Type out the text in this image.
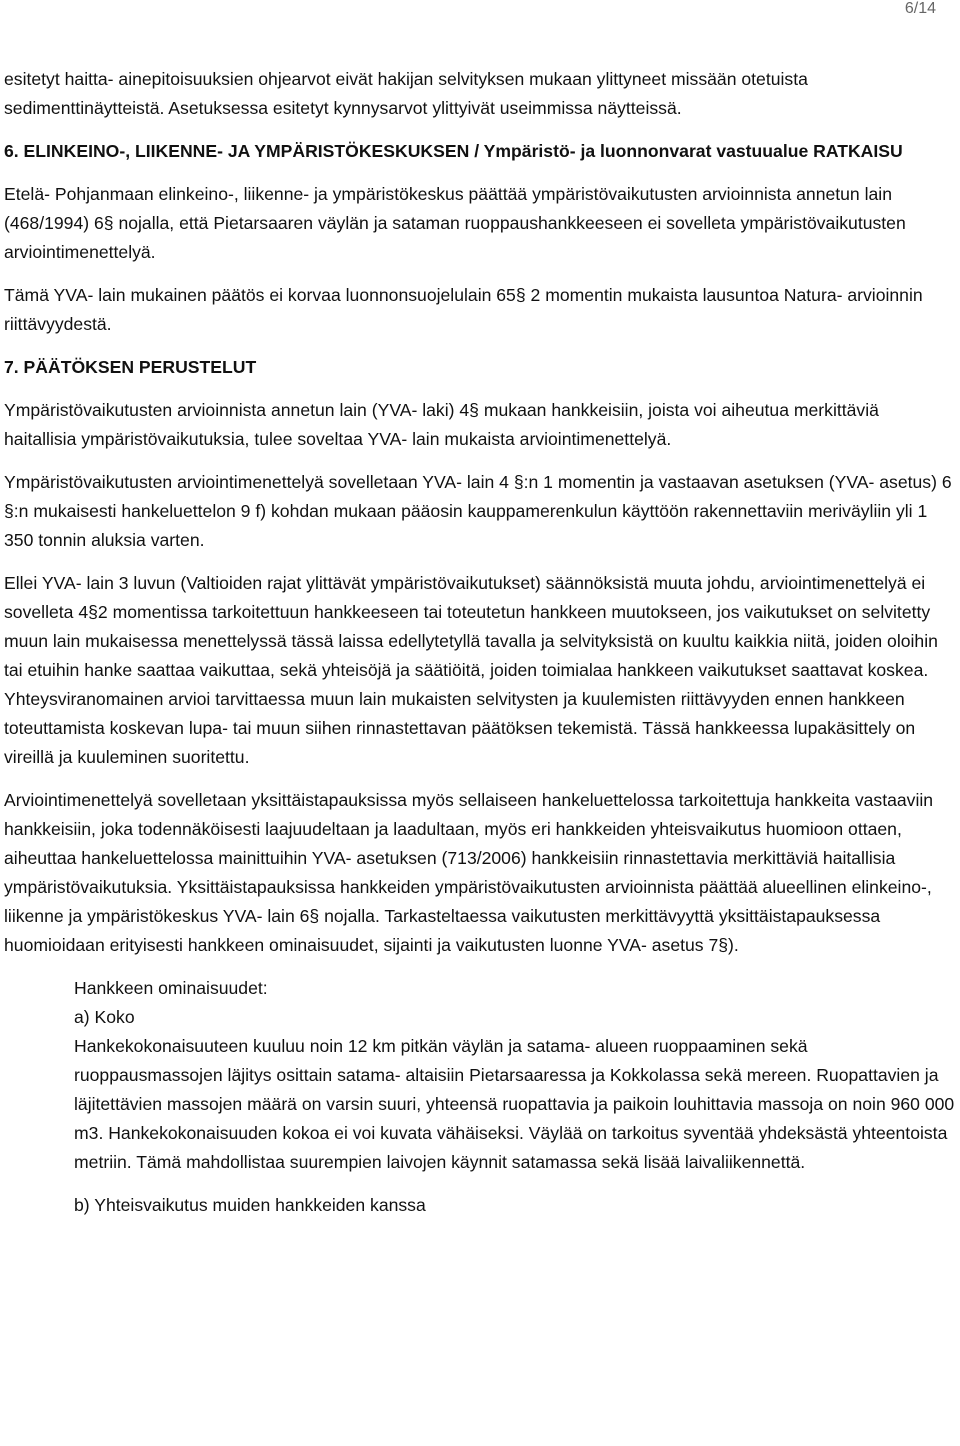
6/14

esitetyt haitta- ainepitoisuuksien ohjearvot eivät hakijan selvityksen mukaan ylittyneet missään otetuista sedimenttinäytteistä. Asetuksessa esitetyt kynnysarvot ylittyivät useimmissa näytteissä.

6. ELINKEINO-, LIIKENNE- JA YMPÄRISTÖKESKUKSEN / Ympäristö- ja luonnonvarat vastuualue RATKAISU

Etelä- Pohjanmaan elinkeino-, liikenne- ja ympäristökeskus päättää ympäristövaikutusten arvioinnista annetun lain (468/1994) 6§ nojalla, että Pietarsaaren väylän ja sataman ruoppaushankkeeseen ei sovelleta ympäristövaikutusten arviointimenettelyä.

Tämä YVA- lain mukainen päätös ei korvaa luonnonsuojelulain 65§ 2 momentin mukaista lausuntoa Natura- arvioinnin riittävyydestä.

7. PÄÄTÖKSEN PERUSTELUT

Ympäristövaikutusten arvioinnista annetun lain (YVA- laki) 4§ mukaan hankkeisiin, joista voi aiheutua merkittäviä haitallisia ympäristövaikutuksia, tulee soveltaa YVA- lain mukaista arviointimenettelyä.

Ympäristövaikutusten arviointimenettelyä sovelletaan YVA- lain 4 §:n 1 momentin ja vastaavan asetuksen (YVA- asetus) 6 §:n mukaisesti hankeluettelon 9 f) kohdan mukaan pääosin kauppamerenkulun käyttöön rakennettaviin meriväyliin yli 1 350 tonnin aluksia varten.

Ellei YVA- lain 3 luvun (Valtioiden rajat ylittävät ympäristövaikutukset) säännöksistä muuta johdu, arviointimenettelyä ei sovelleta 4§2 momentissa tarkoitettuun hankkeeseen tai toteutetun hankkeen muutokseen, jos vaikutukset on selvitetty muun lain mukaisessa menettelyssä tässä laissa edellytetyllä tavalla ja selvityksistä on kuultu kaikkia niitä, joiden oloihin tai etuihin hanke saattaa vaikuttaa, sekä yhteisöjä ja säätiöitä, joiden toimialaa hankkeen vaikutukset saattavat koskea. Yhteysviranomainen arvioi tarvittaessa muun lain mukaisten selvitysten ja kuulemisten riittävyyden ennen hankkeen toteuttamista koskevan lupa- tai muun siihen rinnastettavan päätöksen tekemistä. Tässä hankkeessa lupakäsittely on vireillä ja kuuleminen suoritettu.

Arviointimenettelyä sovelletaan yksittäistapauksissa myös sellaiseen hankeluettelossa tarkoitettuja hankkeita vastaaviin hankkeisiin, joka todennäköisesti laajuudeltaan ja laadultaan, myös eri hankkeiden yhteisvaikutus huomioon ottaen, aiheuttaa hankeluettelossa mainittuihin YVA- asetuksen (713/2006) hankkeisiin rinnastettavia merkittäviä haitallisia ympäristövaikutuksia. Yksittäistapauksissa hankkeiden ympäristövaikutusten arvioinnista päättää alueellinen elinkeino-, liikenne ja ympäristökeskus YVA- lain 6§ nojalla. Tarkasteltaessa vaikutusten merkittävyyttä yksittäistapauksessa huomioidaan erityisesti hankkeen ominaisuudet, sijainti ja vaikutusten luonne YVA- asetus 7§).

Hankkeen ominaisuudet:

a) Koko

Hankekokonaisuuteen kuuluu noin 12 km pitkän väylän ja satama- alueen ruoppaaminen sekä ruoppausmassojen läjitys osittain satama- altaisiin Pietarsaaressa ja Kokkolassa sekä mereen. Ruopattavien ja läjitettävien massojen määrä on varsin suuri, yhteensä ruopattavia ja paikoin louhittavia massoja on noin 960 000 m3. Hankekokonaisuuden kokoa ei voi kuvata vähäiseksi. Väylää on tarkoitus syventää yhdeksästä yhteentoista metriin. Tämä mahdollistaa suurempien laivojen käynnit satamassa sekä lisää laivaliikennettä.

b) Yhteisvaikutus muiden hankkeiden kanssa
